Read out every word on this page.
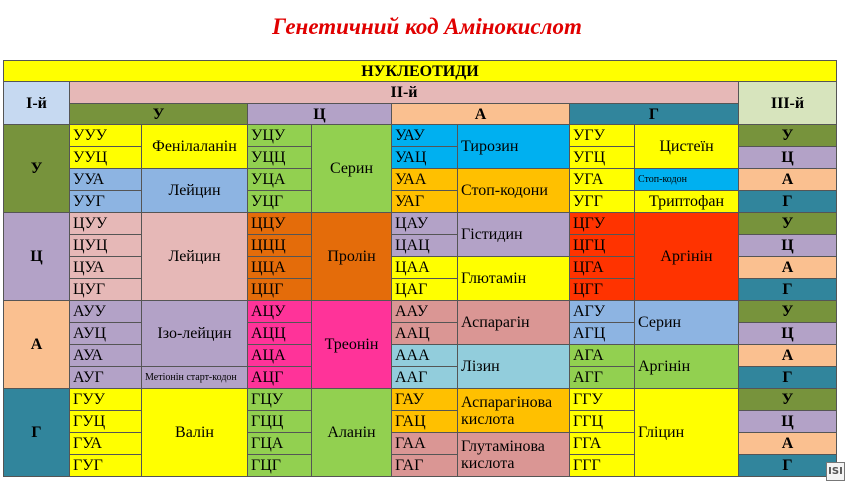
Генетичний код Амінокислот
НУКЛЕОТИДИ									
І-й	ІІ-й								ІІІ-й
	У		Ц		А		Г		
У	УУУ	Фенілаланін	УЦУ	Серин	УАУ	Тирозин	УГУ	Цистеїн	У
	УУЦ		УЦЦ		УАЦ		УГЦ		Ц
	УУА	Лейцин	УЦА		УАА	Стоп-кодони	УГА	Стоп-кодон	А
	УУГ		УЦГ		УАГ		УГГ	Триптофан	Г
Ц	ЦУУ	Лейцин	ЦЦУ	Пролін	ЦАУ	Гістидин	ЦГУ	Аргінін	У
	ЦУЦ		ЦЦЦ		ЦАЦ		ЦГЦ		Ц
	ЦУА		ЦЦА		ЦАА	Глютамін	ЦГА		А
	ЦУГ		ЦЦГ		ЦАГ		ЦГГ		Г
А	АУУ	Ізо-лейцин	АЦУ	Треонін	ААУ	Аспарагін	АГУ	Серин	У
	АУЦ		АЦЦ		ААЦ		АГЦ		Ц
	АУА		АЦА		ААА	Лізин	АГА	Аргінін	А
	АУГ	Метіонін старт-кодон	АЦГ		ААГ		АГГ		Г
Г	ГУУ	Валін	ГЦУ	Аланін	ГАУ	Аспарагінова кислота	ГГУ	Гліцин	У
	ГУЦ		ГЦЦ		ГАЦ		ГГЦ		Ц
	ГУА		ГЦА		ГАА	Глутамінова кислота	ГГА		А
	ГУГ		ГЦГ		ГАГ		ГГГ		Г	ISI
